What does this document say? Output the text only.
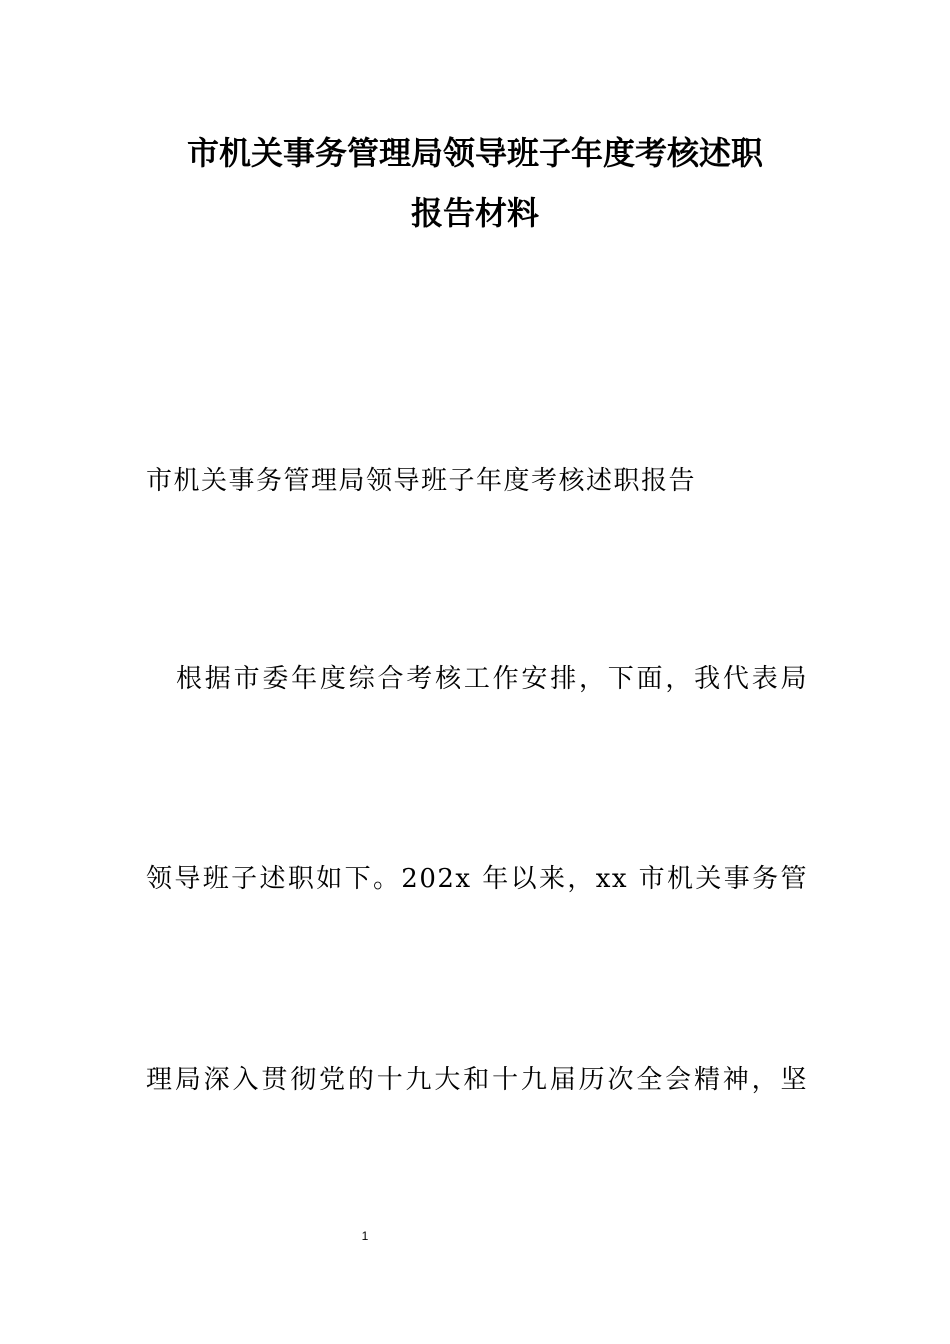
市机关事务管理局领导班子年度考核述职
报告材料
市机关事务管理局领导班子年度考核述职报告
根据市委年度综合考核工作安排，下面，我代表局
领导班子述职如下。202x 年以来，xx 市机关事务管
理局深入贯彻党的十九大和十九届历次全会精神，坚
1
